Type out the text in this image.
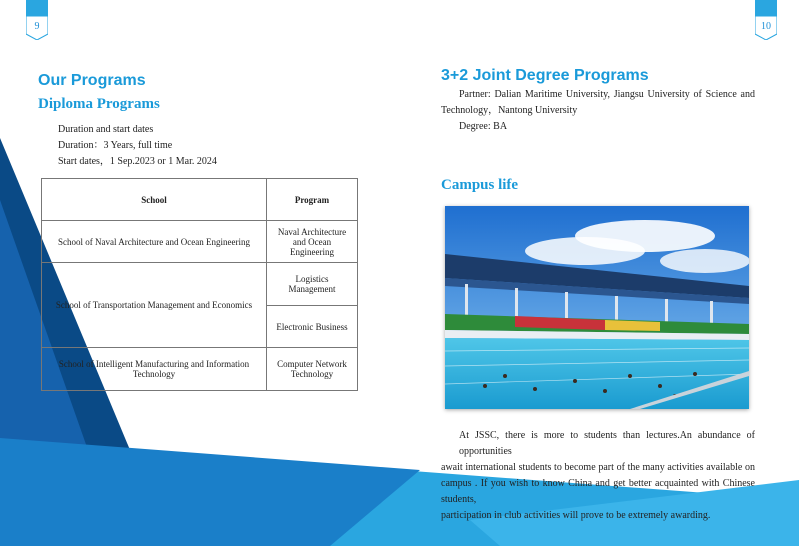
9	10
Our Programs
Diploma Programs
Duration and start dates
Duration：3 Years, full time
Start dates，1 Sep.2023 or 1 Mar. 2024
School	Program
School of Naval Architecture and Ocean Engineering	Naval Architecture and Ocean Engineering
School of Transportation Management and Economics	Logistics Management
	Electronic Business
School of Intelligent Manufacturing and Information Technology	Computer Network Technology
3+2 Joint Degree Programs
Partner: Dalian Maritime University, Jiangsu University of Science and
Technology，Nantong University
Degree: BA
Campus life
At JSSC, there is more to students than lectures.An abundance of opportunities
await international students to become part of the many activities available on
campus . If you wish to know China and get better acquainted with Chinese students,
participation in club activities will prove to be extremely awarding.
